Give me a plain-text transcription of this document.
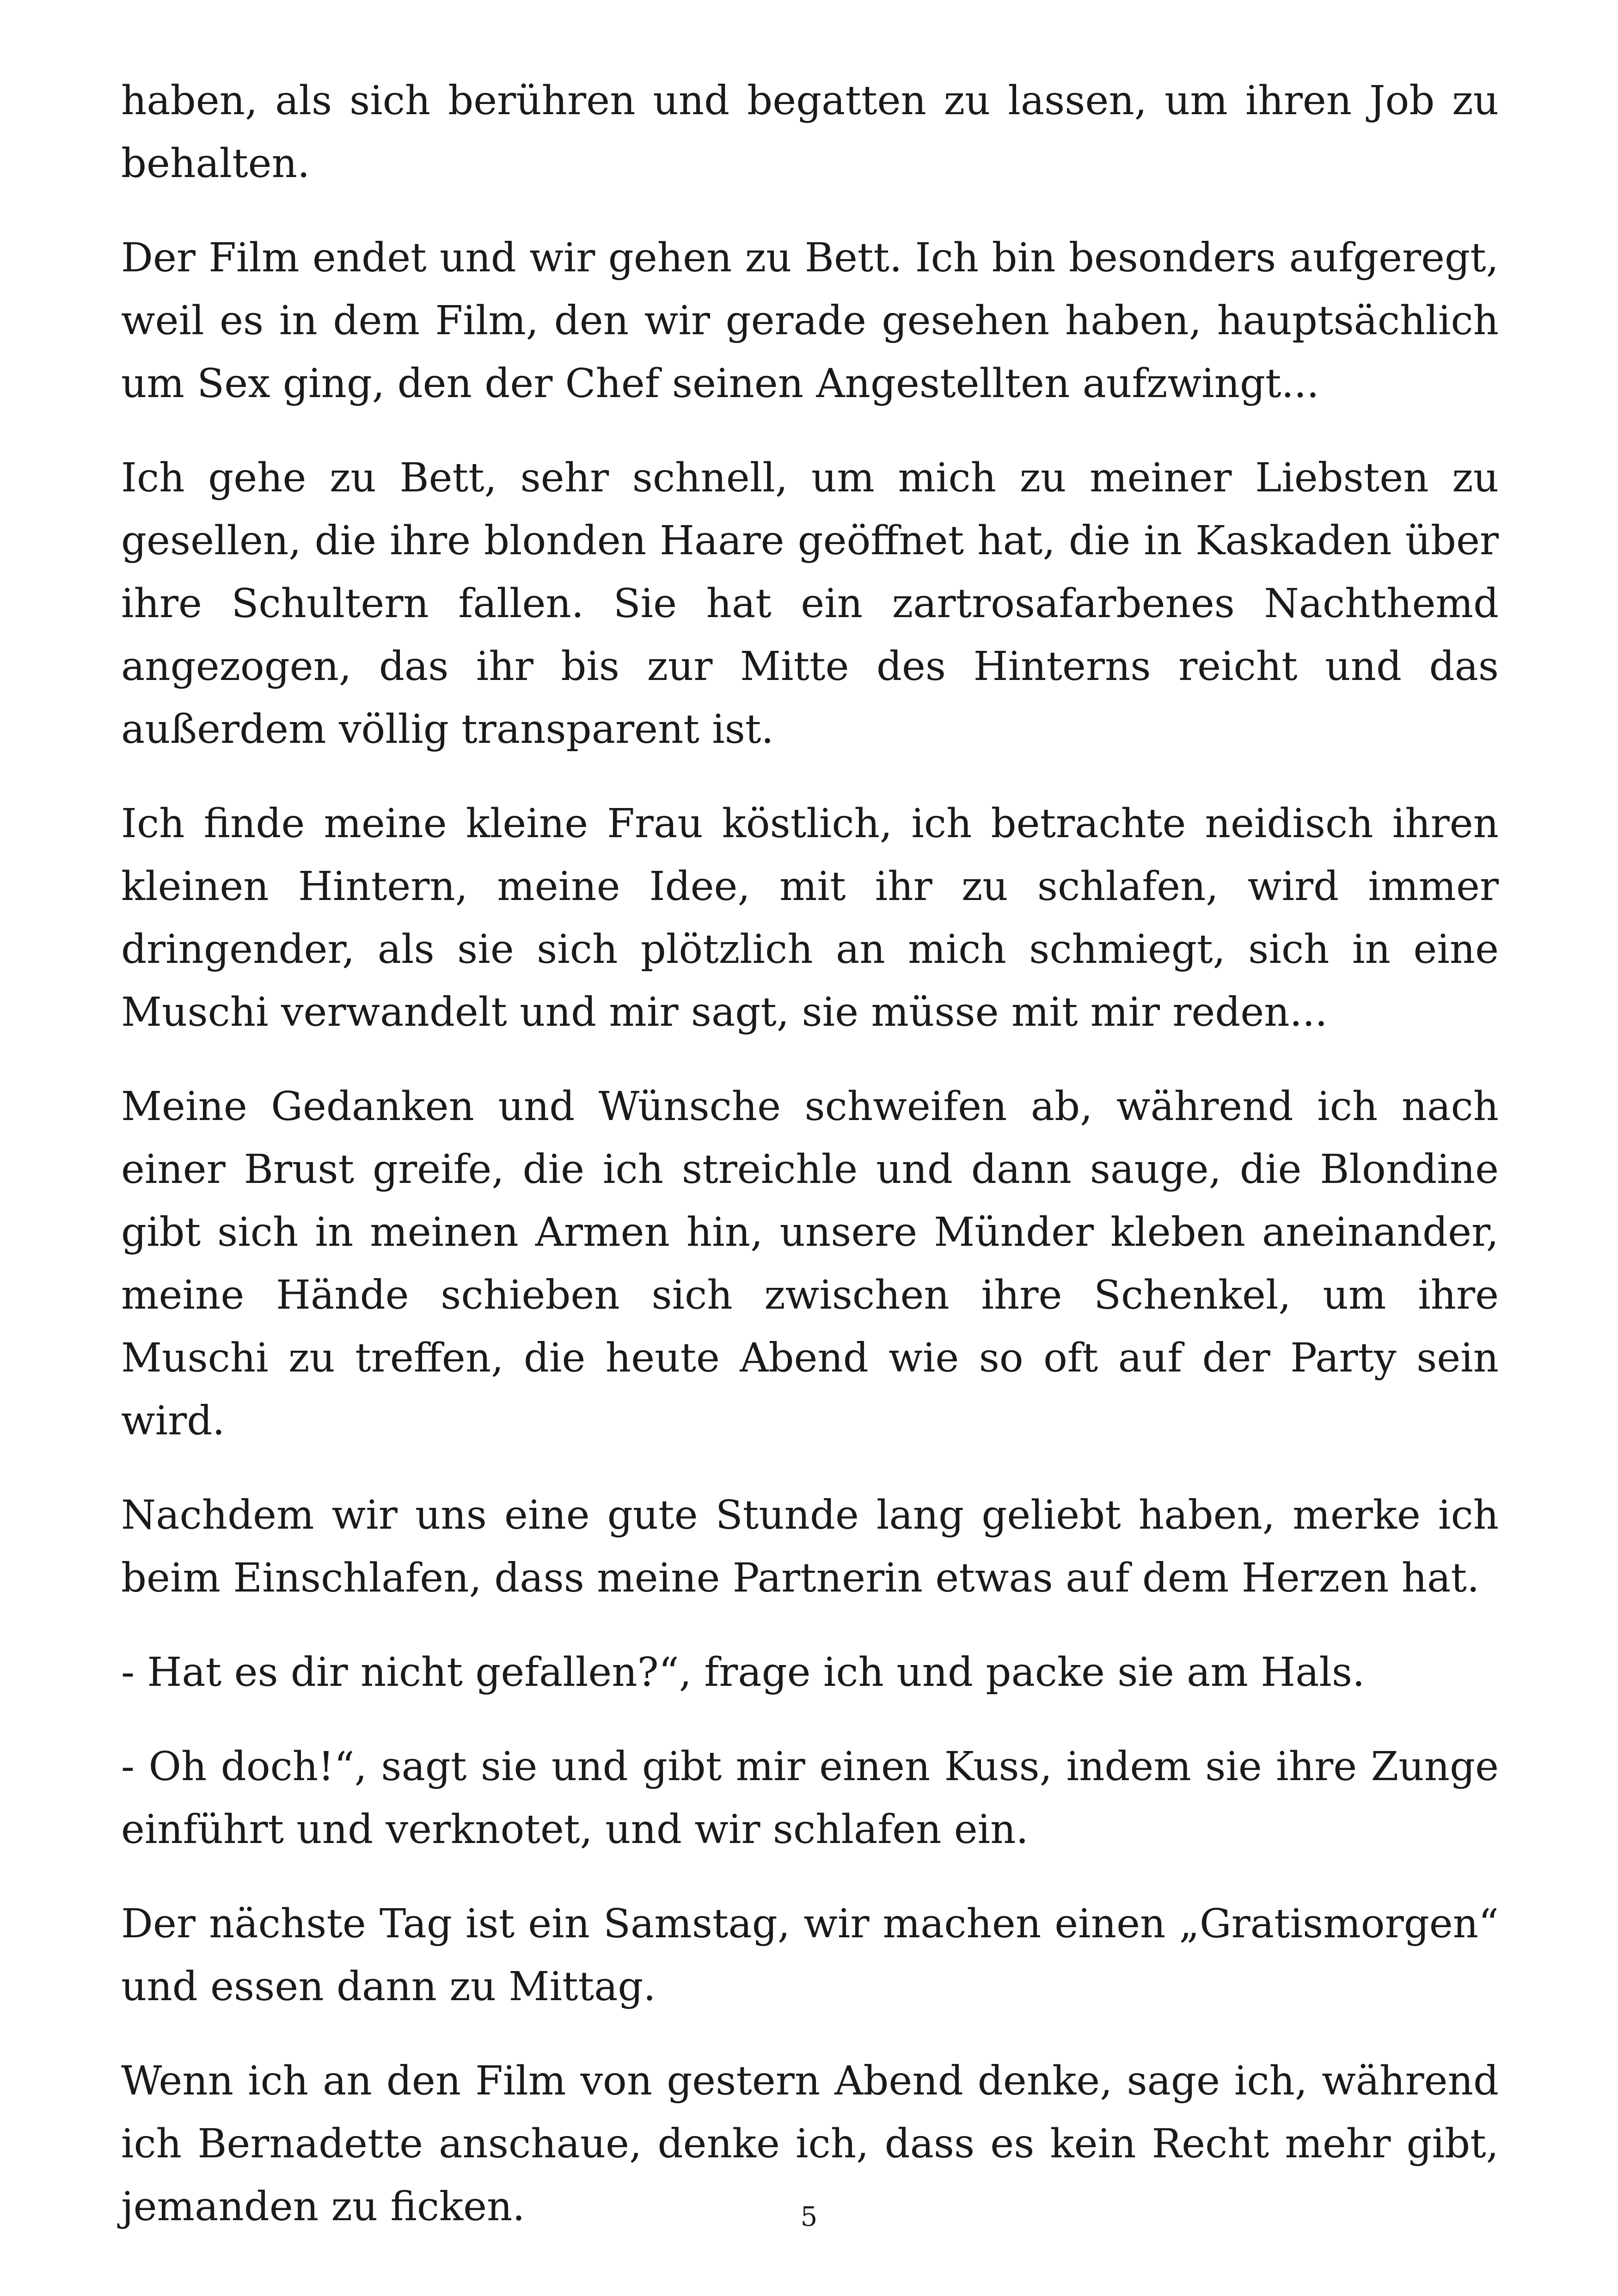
haben, als sich berühren und begatten zu lassen, um ihren Job zu behalten.

Der Film endet und wir gehen zu Bett. Ich bin besonders aufgeregt, weil es in dem Film, den wir gerade gesehen haben, hauptsächlich um Sex ging, den der Chef seinen Angestellten aufzwingt...

Ich gehe zu Bett, sehr schnell, um mich zu meiner Liebsten zu gesellen, die ihre blonden Haare geöffnet hat, die in Kaskaden über ihre Schultern fallen. Sie hat ein zartrosafarbenes Nachthemd angezogen, das ihr bis zur Mitte des Hinterns reicht und das außerdem völlig transparent ist.

Ich finde meine kleine Frau köstlich, ich betrachte neidisch ihren kleinen Hintern, meine Idee, mit ihr zu schlafen, wird immer dringender, als sie sich plötzlich an mich schmiegt, sich in eine Muschi verwandelt und mir sagt, sie müsse mit mir reden...

Meine Gedanken und Wünsche schweifen ab, während ich nach einer Brust greife, die ich streichle und dann sauge, die Blondine gibt sich in meinen Armen hin, unsere Münder kleben aneinander, meine Hände schieben sich zwischen ihre Schenkel, um ihre Muschi zu treffen, die heute Abend wie so oft auf der Party sein wird.

Nachdem wir uns eine gute Stunde lang geliebt haben, merke ich beim Einschlafen, dass meine Partnerin etwas auf dem Herzen hat.

- Hat es dir nicht gefallen?“, frage ich und packe sie am Hals.

- Oh doch!“, sagt sie und gibt mir einen Kuss, indem sie ihre Zunge einführt und verknotet, und wir schlafen ein.

Der nächste Tag ist ein Samstag, wir machen einen „Gratismorgen“ und essen dann zu Mittag.

Wenn ich an den Film von gestern Abend denke, sage ich, während ich Bernadette anschaue, denke ich, dass es kein Recht mehr gibt, jemanden zu ficken.	5
